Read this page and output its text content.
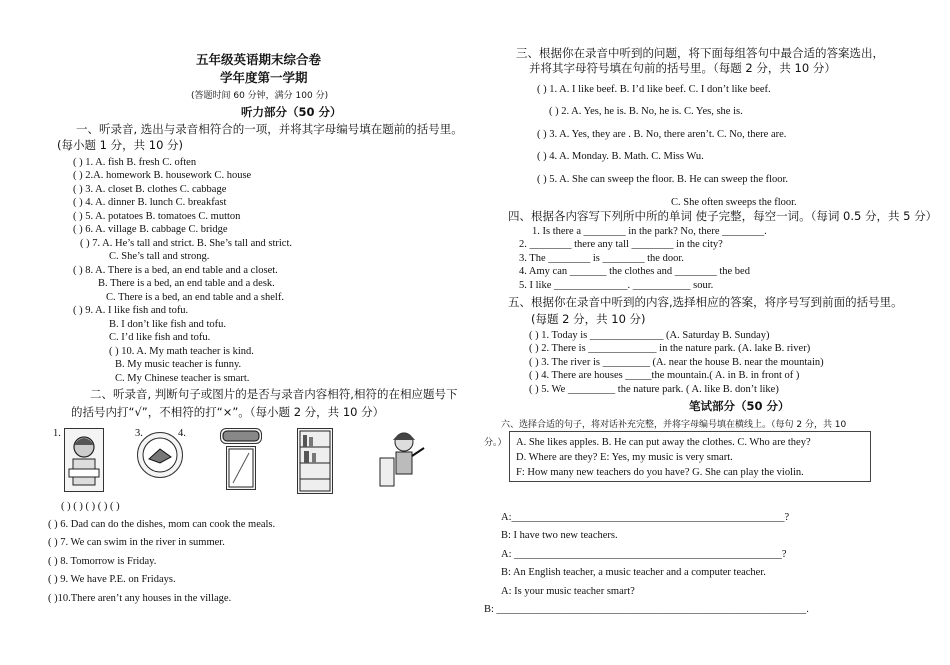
五年级英语期末综合卷
学年度第一学期
(答题时间 60 分钟，满分 100 分)
听力部分（50 分）
一、听录音, 选出与录音相符合的一项，并将其字母编号填在题前的括号里。
(每小题 1 分，共 10 分)
( ) 1. A. fish B. fresh C. often
( ) 2.A. homework B. housework C. house
( ) 3. A. closet B. clothes C. cabbage
( ) 4. A. dinner B. lunch C. breakfast
( ) 5. A. potatoes B. tomatoes C. mutton
( ) 6. A. village B. cabbage C. bridge
( ) 7. A. He’s tall and strict. B. She’s tall and strict.
C. She’s tall and strong.
( ) 8. A. There is a bed, an end table and a closet.
B. There is a bed, an end table and a desk.
C. There is a bed, an end table and a shelf.
( ) 9. A. I like fish and tofu.
B. I don’t like fish and tofu.
C. I’d like fish and tofu.
( ) 10. A. My math teacher is kind.
B. My music teacher is funny.
C. My Chinese teacher is smart.
二、听录音, 判断句子或图片的是否与录音内容相符,相符的在相应题号下
的括号内打“√”，不相符的打“×”。（每小题 2 分，共 10 分）
1.	2.	3.	4.
( ) ( ) ( ) ( ) ( )
( ) 6. Dad can do the dishes, mom can cook the meals.
( ) 7. We can swim in the river in summer.
( ) 8. Tomorrow is Friday.
( ) 9. We have P.E. on Fridays.
( )10.There aren’t any houses in the village.
三、根据你在录音中听到的问题，将下面每组答句中最合适的答案选出，
并将其字母符号填在句前的括号里。（每题 2 分，共 10 分）
( ) 1. A. I like beef. B. I’d like beef. C. I don’t like beef.
( ) 2. A. Yes, he is. B. No, he is. C. Yes, she is.
( ) 3. A. Yes, they are . B. No, there aren’t. C. No, there are.
( ) 4. A. Monday. B. Math. C. Miss Wu.
( ) 5. A. She can sweep the floor. B. He can sweep the floor.
C. She often sweeps the floor.
四、根据各内容写下列所中所的单词 使子完整，每空一词。（每词 0.5 分，共 5 分）
1. Is there a ________ in the park? No, there ________.
2. ________ there any tall ________ in the city?
3. The ________ is ________ the door.
4. Amy can _______ the clothes and ________ the bed
5. I like ______________. ___________ sour.
五、根据你在录音中听到的内容,选择相应的答案，将序号写到前面的括号里。
(每题 2 分，共 10 分)
( ) 1. Today is ______________ (A. Saturday B. Sunday)
( ) 2. There is _____________ in the nature park. (A. lake B. river)
( ) 3. The river is _________ (A. near the house B. near the mountain)
( ) 4. There are houses _____the mountain.( A. in B. in front of )
( ) 5. We _________ the nature park. ( A. like B. don’t like)
笔试部分（50 分）
六、选择合适的句子，将对话补充完整，并将字母编号填在横线上。（每句 2 分，共 10
分。） A. She likes apples. B. He can put away the clothes. C. Who are they?
D. Where are they? E: Yes, my music is very smart.
F: How many new teachers do you have? G. She can play the violin.
A:____________________________________________________?
B: I have two new teachers.
A: ___________________________________________________?
B: An English teacher, a music teacher and a computer teacher.
A: Is your music teacher smart?
B: ___________________________________________________________.
